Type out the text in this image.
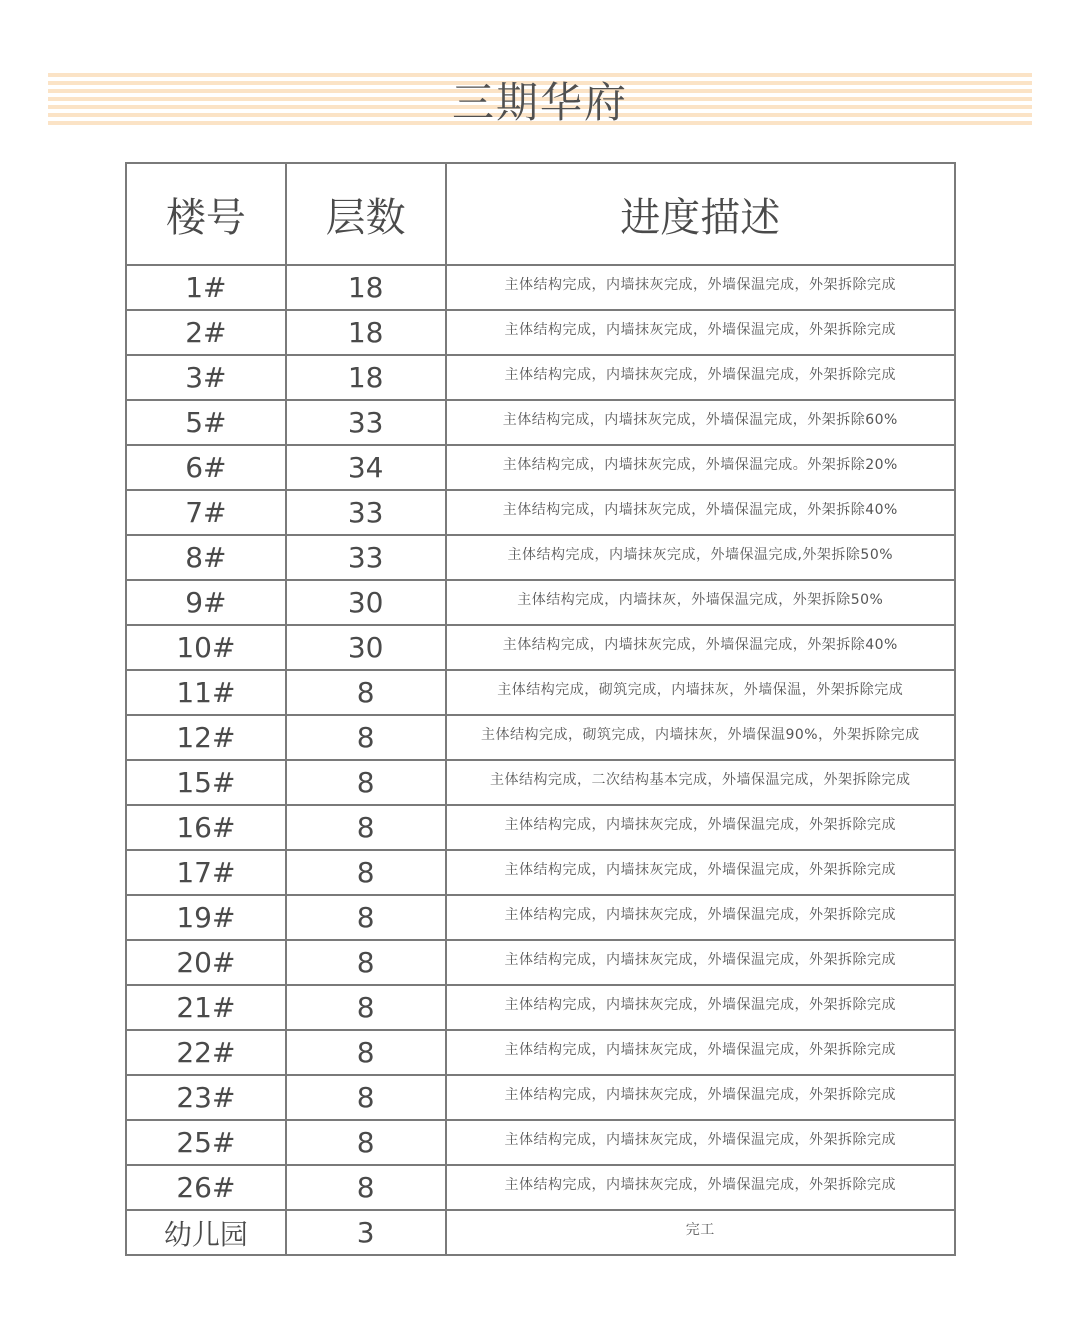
三期华府
楼号	层数	进度描述
1#	18	主体结构完成，内墙抹灰完成，外墙保温完成，外架拆除完成
2#	18	主体结构完成，内墙抹灰完成，外墙保温完成，外架拆除完成
3#	18	主体结构完成，内墙抹灰完成，外墙保温完成，外架拆除完成
5#	33	主体结构完成，内墙抹灰完成，外墙保温完成，外架拆除60%
6#	34	主体结构完成，内墙抹灰完成，外墙保温完成。外架拆除20%
7#	33	主体结构完成，内墙抹灰完成，外墙保温完成，外架拆除40%
8#	33	主体结构完成，内墙抹灰完成，外墙保温完成,外架拆除50%
9#	30	主体结构完成，内墙抹灰，外墙保温完成，外架拆除50%
10#	30	主体结构完成，内墙抹灰完成，外墙保温完成，外架拆除40%
11#	8	主体结构完成，砌筑完成，内墙抹灰，外墙保温，外架拆除完成
12#	8	主体结构完成，砌筑完成，内墙抹灰，外墙保温90%，外架拆除完成
15#	8	主体结构完成，二次结构基本完成，外墙保温完成，外架拆除完成
16#	8	主体结构完成，内墙抹灰完成，外墙保温完成，外架拆除完成
17#	8	主体结构完成，内墙抹灰完成，外墙保温完成，外架拆除完成
19#	8	主体结构完成，内墙抹灰完成，外墙保温完成，外架拆除完成
20#	8	主体结构完成，内墙抹灰完成，外墙保温完成，外架拆除完成
21#	8	主体结构完成，内墙抹灰完成，外墙保温完成，外架拆除完成
22#	8	主体结构完成，内墙抹灰完成，外墙保温完成，外架拆除完成
23#	8	主体结构完成，内墙抹灰完成，外墙保温完成，外架拆除完成
25#	8	主体结构完成，内墙抹灰完成，外墙保温完成，外架拆除完成
26#	8	主体结构完成，内墙抹灰完成，外墙保温完成，外架拆除完成
幼儿园	3	完工
